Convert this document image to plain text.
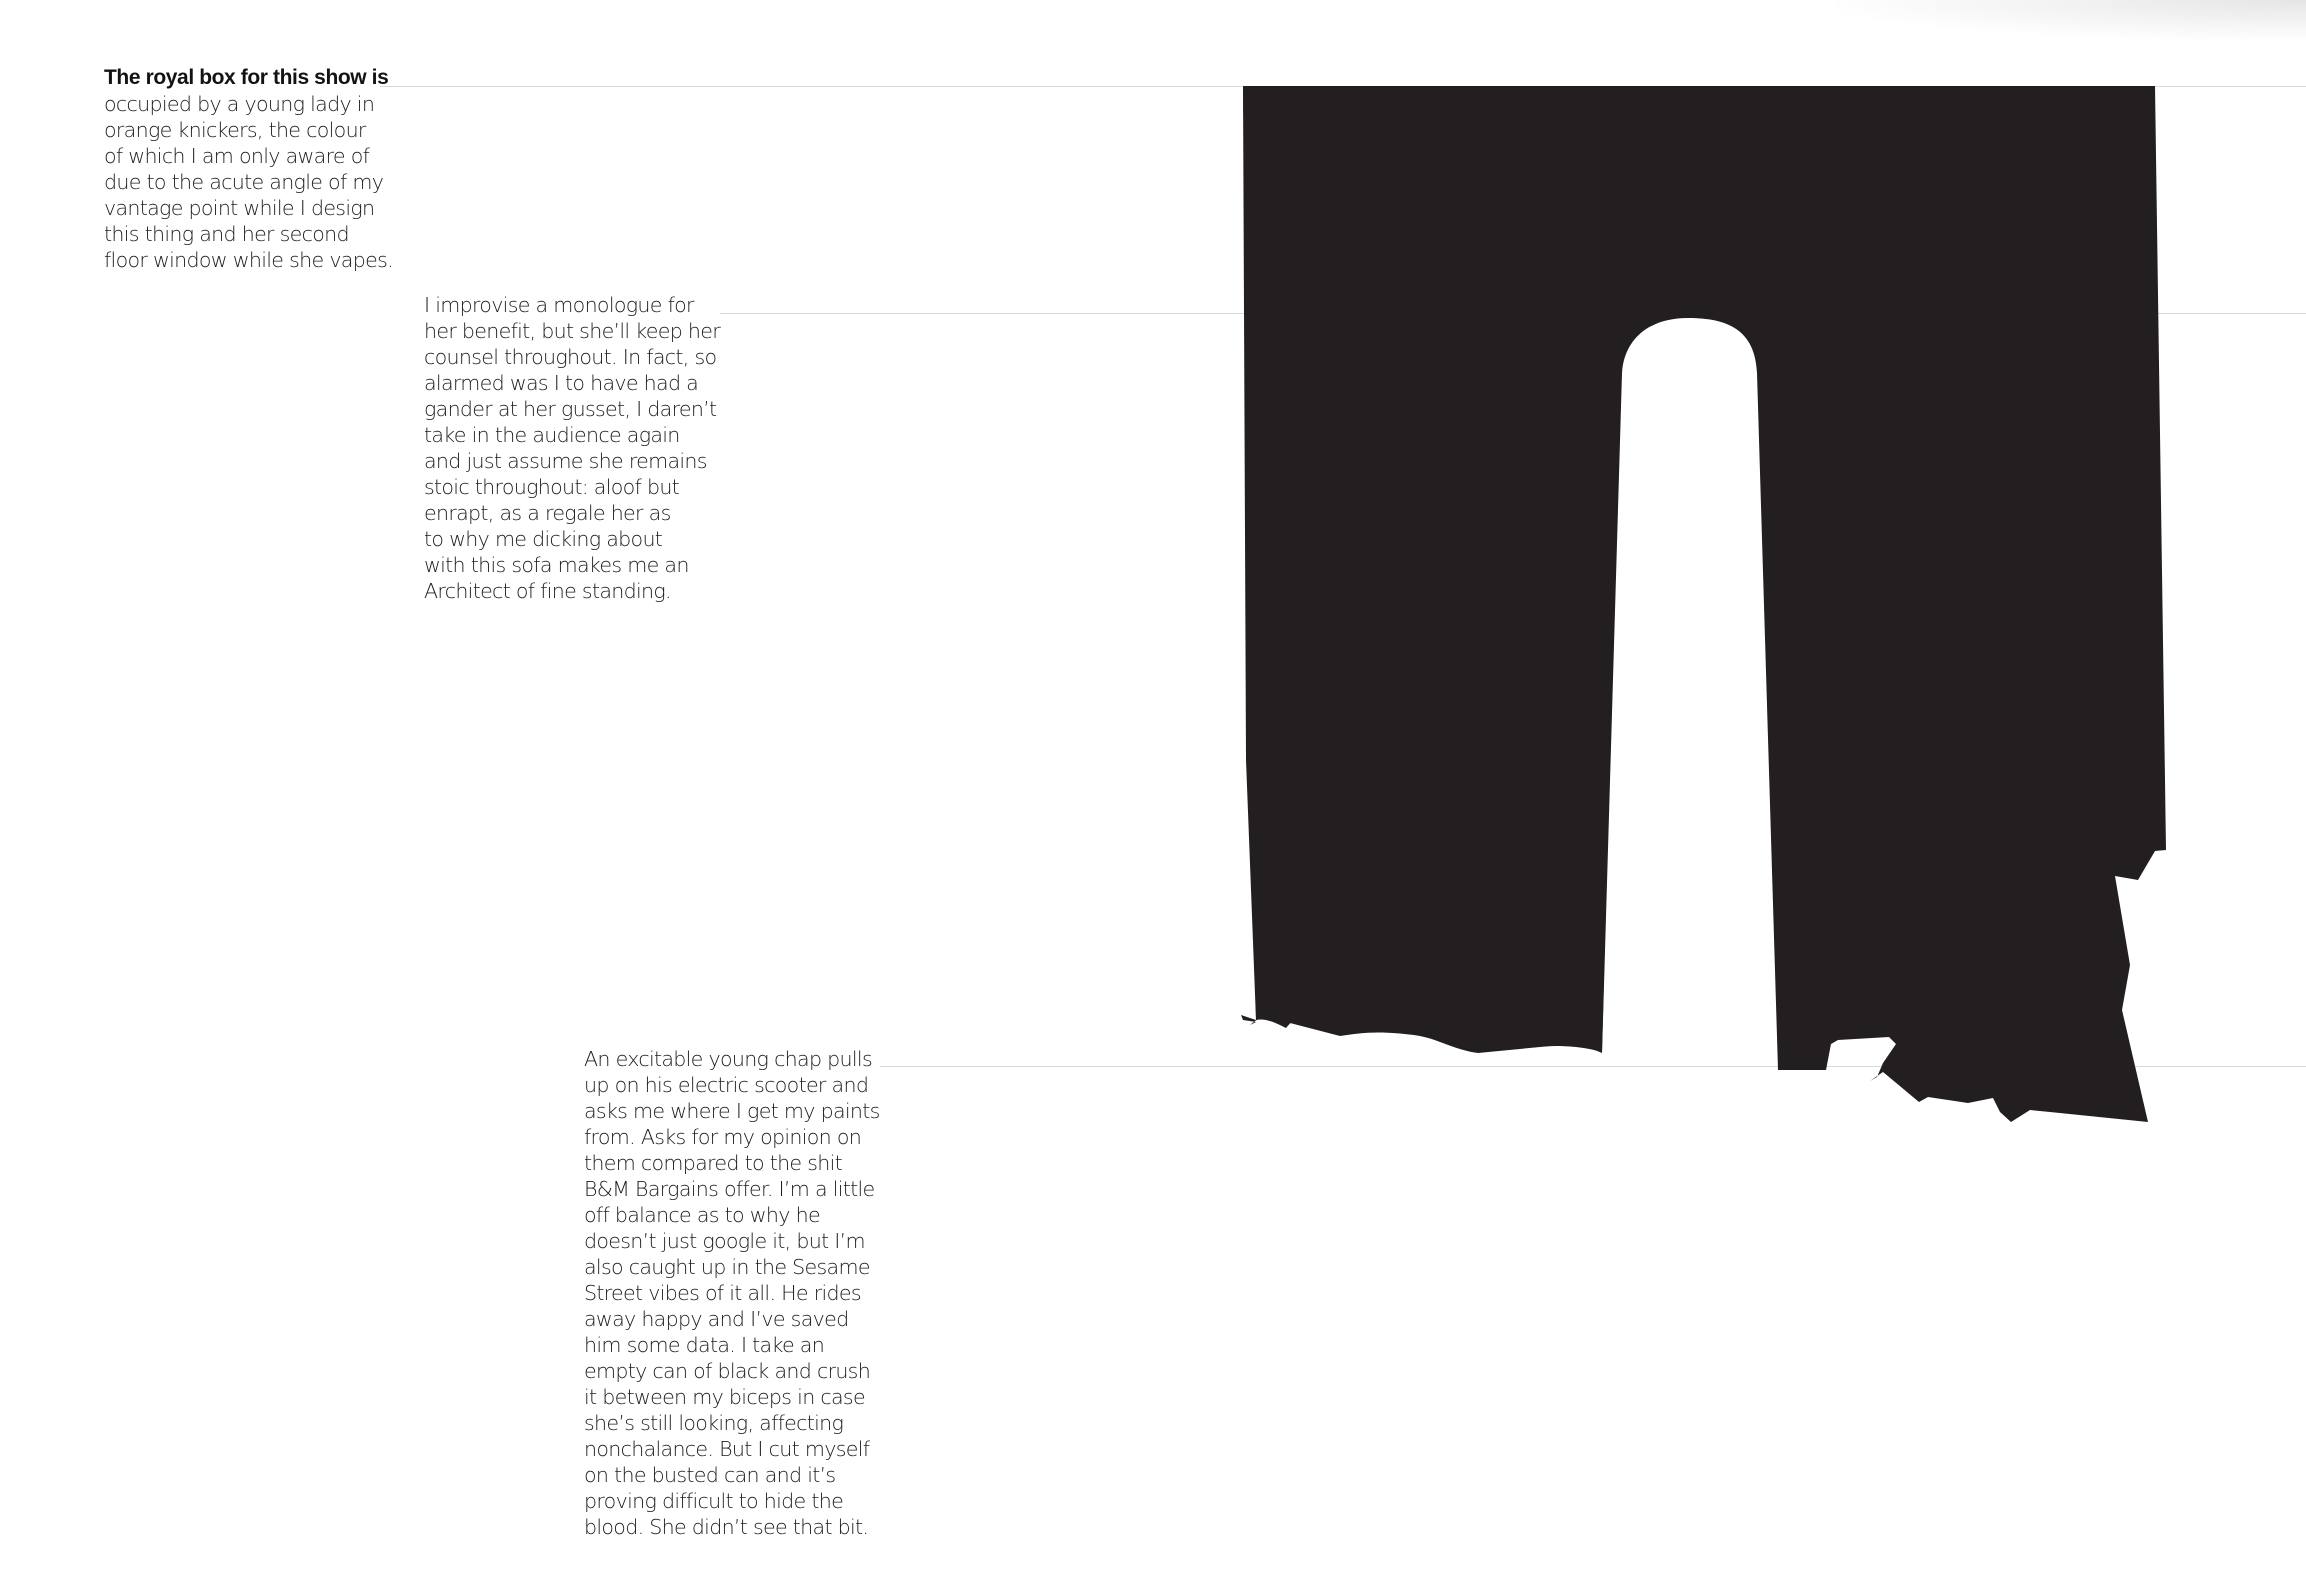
The royal box for this show is
occupied by a young lady in
orange knickers, the colour
of which I am only aware of
due to the acute angle of my
vantage point while I design
this thing and her second
floor window while she vapes.

I improvise a monologue for
her benefit, but she’ll keep her
counsel throughout. In fact, so
alarmed was I to have had a
gander at her gusset, I daren’t
take in the audience again
and just assume she remains
stoic throughout: aloof but
enrapt, as a regale her as
to why me dicking about
with this sofa makes me an
Architect of fine standing.

An excitable young chap pulls
up on his electric scooter and
asks me where I get my paints
from. Asks for my opinion on
them compared to the shit
B&M Bargains offer. I’m a little
off balance as to why he
doesn’t just google it, but I’m
also caught up in the Sesame
Street vibes of it all. He rides
away happy and I’ve saved
him some data. I take an
empty can of black and crush
it between my biceps in case
she’s still looking, affecting
nonchalance. But I cut myself
on the busted can and it’s
proving difficult to hide the
blood. She didn’t see that bit.
